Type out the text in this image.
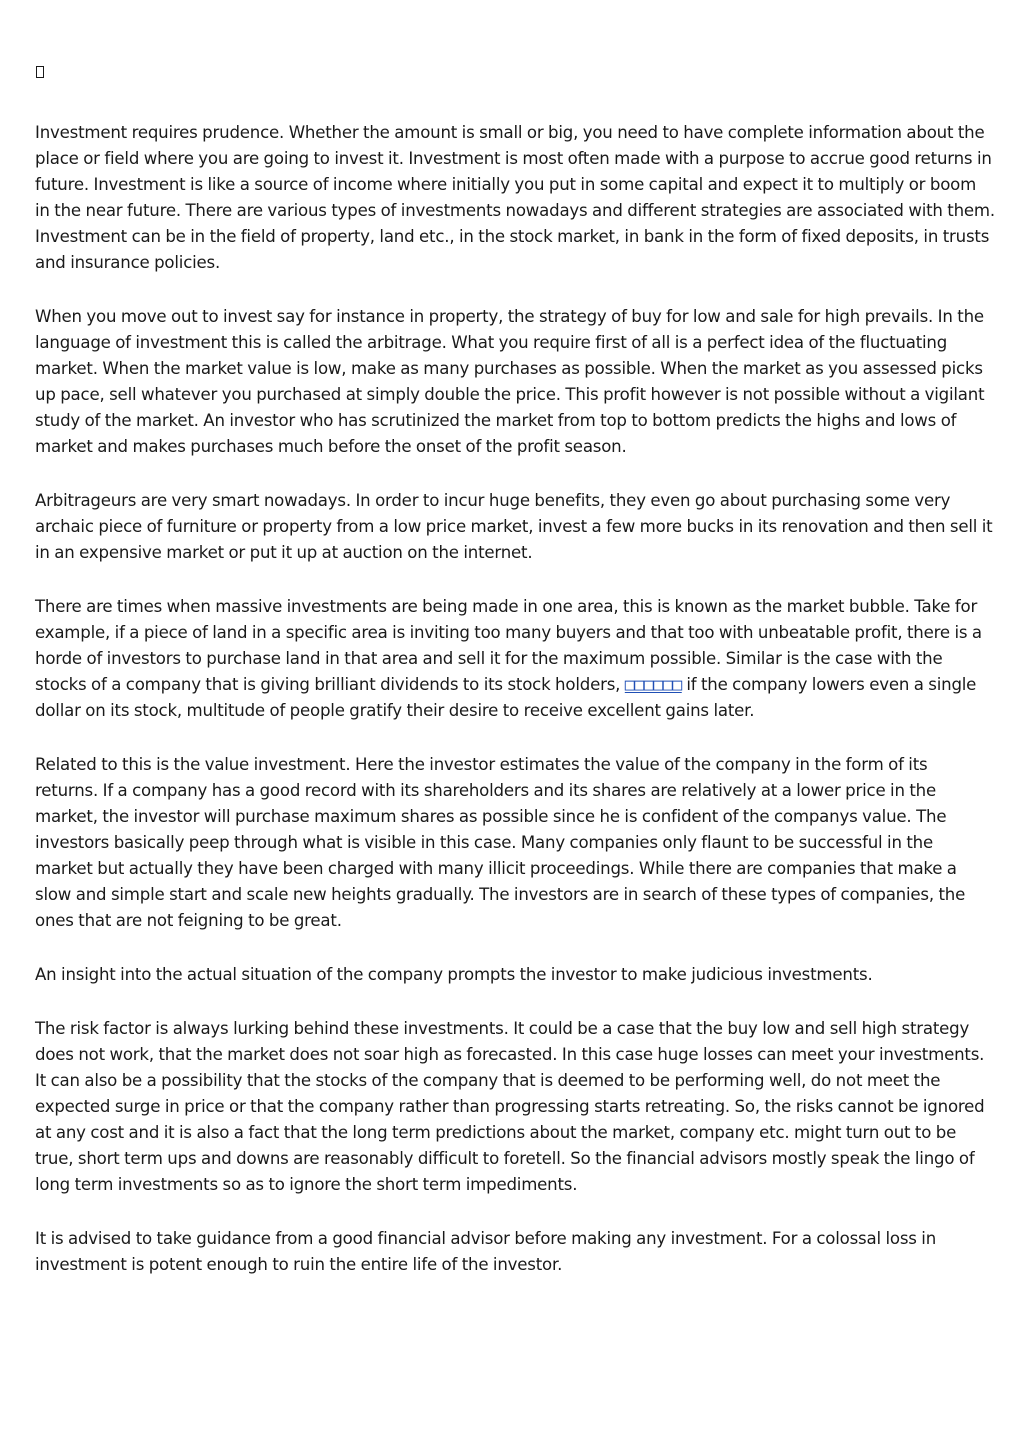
Investment requires prudence. Whether the amount is small or big, you need to have complete information about the place or field where you are going to invest it. Investment is most often made with a purpose to accrue good returns in future. Investment is like a source of income where initially you put in some capital and expect it to multiply or boom in the near future. There are various types of investments nowadays and different strategies are associated with them. Investment can be in the field of property, land etc., in the stock market, in bank in the form of fixed deposits, in trusts and insurance policies.

When you move out to invest say for instance in property, the strategy of buy for low and sale for high prevails. In the language of investment this is called the arbitrage. What you require first of all is a perfect idea of the fluctuating market. When the market value is low, make as many purchases as possible. When the market as you assessed picks up pace, sell whatever you purchased at simply double the price. This profit however is not possible without a vigilant study of the market. An investor who has scrutinized the market from top to bottom predicts the highs and lows of market and makes purchases much before the onset of the profit season.

Arbitrageurs are very smart nowadays. In order to incur huge benefits, they even go about purchasing some very archaic piece of furniture or property from a low price market, invest a few more bucks in its renovation and then sell it in an expensive market or put it up at auction on the internet.

There are times when massive investments are being made in one area, this is known as the market bubble. Take for example, if a piece of land in a specific area is inviting too many buyers and that too with unbeatable profit, there is a horde of investors to purchase land in that area and sell it for the maximum possible. Similar is the case with the stocks of a company that is giving brilliant dividends to its stock holders, □□□□□□ if the company lowers even a single dollar on its stock, multitude of people gratify their desire to receive excellent gains later.

Related to this is the value investment. Here the investor estimates the value of the company in the form of its returns. If a company has a good record with its shareholders and its shares are relatively at a lower price in the market, the investor will purchase maximum shares as possible since he is confident of the companys value. The investors basically peep through what is visible in this case. Many companies only flaunt to be successful in the market but actually they have been charged with many illicit proceedings. While there are companies that make a slow and simple start and scale new heights gradually. The investors are in search of these types of companies, the ones that are not feigning to be great.

An insight into the actual situation of the company prompts the investor to make judicious investments.

The risk factor is always lurking behind these investments. It could be a case that the buy low and sell high strategy does not work, that the market does not soar high as forecasted. In this case huge losses can meet your investments. It can also be a possibility that the stocks of the company that is deemed to be performing well, do not meet the expected surge in price or that the company rather than progressing starts retreating. So, the risks cannot be ignored at any cost and it is also a fact that the long term predictions about the market, company etc. might turn out to be true, short term ups and downs are reasonably difficult to foretell. So the financial advisors mostly speak the lingo of long term investments so as to ignore the short term impediments.

It is advised to take guidance from a good financial advisor before making any investment. For a colossal loss in investment is potent enough to ruin the entire life of the investor.
